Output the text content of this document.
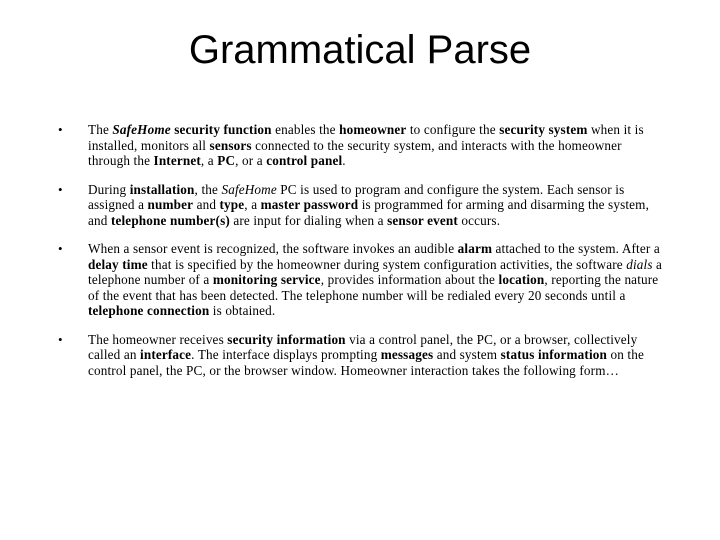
Grammatical Parse
• The SafeHome security function enables the homeowner to configure the security system when it is installed, monitors all sensors connected to the security system, and interacts with the homeowner through the Internet, a PC, or a control panel.
• During installation, the SafeHome PC is used to program and configure the system. Each sensor is assigned a number and type, a master password is programmed for arming and disarming the system, and telephone number(s) are input for dialing when a sensor event occurs.
• When a sensor event is recognized, the software invokes an audible alarm attached to the system. After a delay time that is specified by the homeowner during system configuration activities, the software dials a telephone number of a monitoring service, provides information about the location, reporting the nature of the event that has been detected. The telephone number will be redialed every 20 seconds until a telephone connection is obtained.
• The homeowner receives security information via a control panel, the PC, or a browser, collectively called an interface. The interface displays prompting messages and system status information on the control panel, the PC, or the browser window. Homeowner interaction takes the following form…
